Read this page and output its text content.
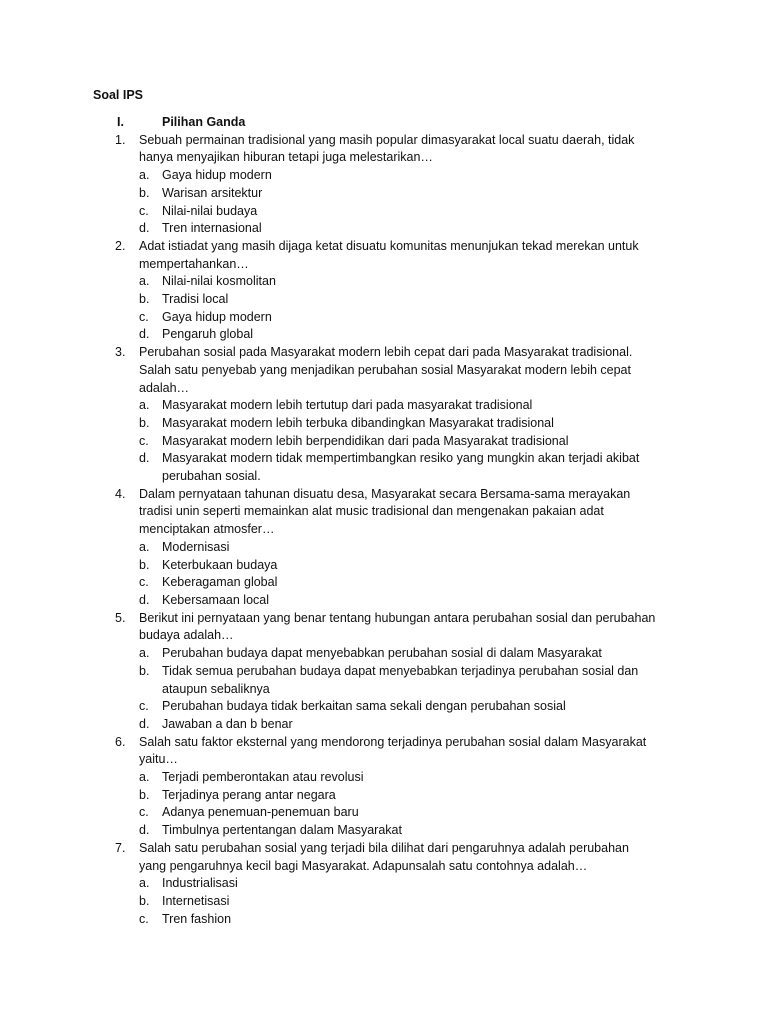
Soal IPS
I.	Pilihan Ganda
1.	Sebuah permainan tradisional yang masih popular dimasyarakat local suatu daerah, tidak
hanya menyajikan hiburan tetapi juga melestarikan…
a.	Gaya hidup modern
b.	Warisan arsitektur
c.	Nilai-nilai budaya
d.	Tren internasional
2.	Adat istiadat yang masih dijaga ketat disuatu komunitas menunjukan tekad merekan untuk
mempertahankan…
a.	Nilai-nilai kosmolitan
b.	Tradisi local
c.	Gaya hidup modern
d.	Pengaruh global
3.	Perubahan sosial pada Masyarakat modern lebih cepat dari pada Masyarakat tradisional.
Salah satu penyebab yang menjadikan perubahan sosial Masyarakat modern lebih cepat
adalah…
a.	Masyarakat modern lebih tertutup dari pada masyarakat tradisional
b.	Masyarakat modern lebih terbuka dibandingkan Masyarakat tradisional
c.	Masyarakat modern lebih berpendidikan dari pada Masyarakat tradisional
d.	Masyarakat modern tidak mempertimbangkan resiko yang mungkin akan terjadi akibat
perubahan sosial.
4.	Dalam pernyataan tahunan disuatu desa, Masyarakat secara Bersama-sama merayakan
tradisi unin seperti memainkan alat music tradisional dan mengenakan pakaian adat
menciptakan atmosfer…
a.	Modernisasi
b.	Keterbukaan budaya
c.	Keberagaman global
d.	Kebersamaan local
5.	Berikut ini pernyataan yang benar tentang hubungan antara perubahan sosial dan perubahan
budaya adalah…
a.	Perubahan budaya dapat menyebabkan perubahan sosial di dalam Masyarakat
b.	Tidak semua perubahan budaya dapat menyebabkan terjadinya perubahan sosial dan
ataupun sebaliknya
c.	Perubahan budaya tidak berkaitan sama sekali dengan perubahan sosial
d.	Jawaban a dan b benar
6.	Salah satu faktor eksternal yang mendorong terjadinya perubahan sosial dalam Masyarakat
yaitu…
a.	Terjadi pemberontakan atau revolusi
b.	Terjadinya perang antar negara
c.	Adanya penemuan-penemuan baru
d.	Timbulnya pertentangan dalam Masyarakat
7.	Salah satu perubahan sosial yang terjadi bila dilihat dari pengaruhnya adalah perubahan
yang pengaruhnya kecil bagi Masyarakat. Adapunsalah satu contohnya adalah…
a.	Industrialisasi
b.	Internetisasi
c.	Tren fashion
